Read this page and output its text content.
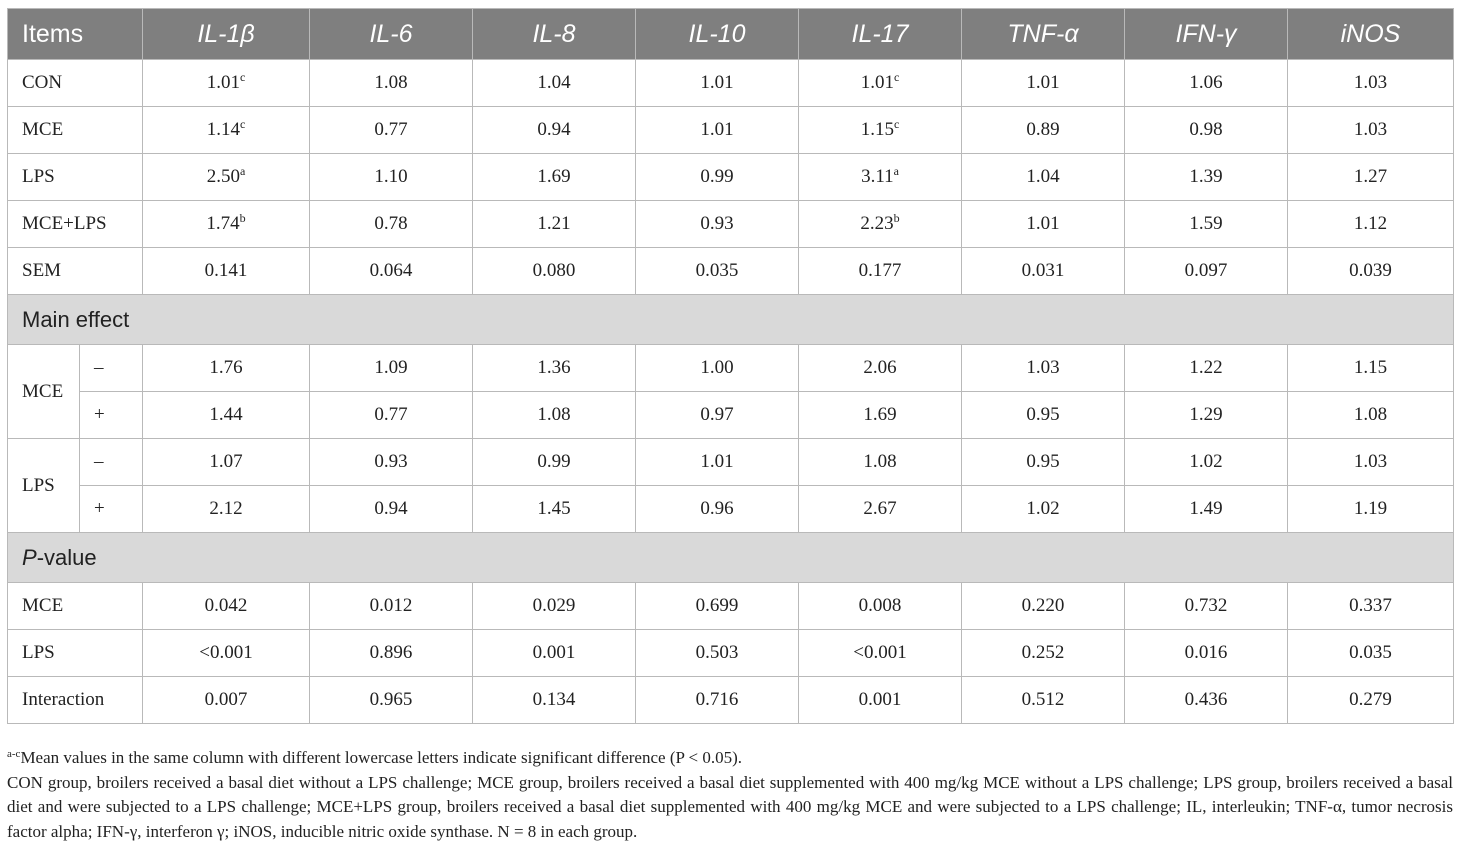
Items		IL-1β	IL-6	IL-8	IL-10	IL-17	TNF-α	IFN-γ	iNOS
CON		1.01$^c$	1.08	1.04	1.01	1.01$^c$	1.01	1.06	1.03
MCE		1.14$^c$	0.77	0.94	1.01	1.15$^c$	0.89	0.98	1.03
LPS		2.50$^a$	1.10	1.69	0.99	3.11$^a$	1.04	1.39	1.27
MCE+LPS		1.74$^b$	0.78	1.21	0.93	2.23$^b$	1.01	1.59	1.12
SEM		0.141	0.064	0.080	0.035	0.177	0.031	0.097	0.039
Main effect									
MCE	–	1.76	1.09	1.36	1.00	2.06	1.03	1.22	1.15
	+	1.44	0.77	1.08	0.97	1.69	0.95	1.29	1.08
LPS	–	1.07	0.93	0.99	1.01	1.08	0.95	1.02	1.03
	+	2.12	0.94	1.45	0.96	2.67	1.02	1.49	1.19
P-value									
MCE		0.042	0.012	0.029	0.699	0.008	0.220	0.732	0.337
LPS		<0.001	0.896	0.001	0.503	<0.001	0.252	0.016	0.035
Interaction		0.007	0.965	0.134	0.716	0.001	0.512	0.436	0.279

$^{a-c}$Mean values in the same column with different lowercase letters indicate significant difference (P < 0.05).

CON group, broilers received a basal diet without a LPS challenge; MCE group, broilers received a basal diet supplemented with 400 mg/kg MCE without a LPS challenge; LPS group, broilers received a basal diet and were subjected to a LPS challenge; MCE+LPS group, broilers received a basal diet supplemented with 400 mg/kg MCE and were subjected to a LPS challenge; IL, interleukin; TNF-α, tumor necrosis factor alpha; IFN-γ, interferon γ; iNOS, inducible nitric oxide synthase. N = 8 in each group.
